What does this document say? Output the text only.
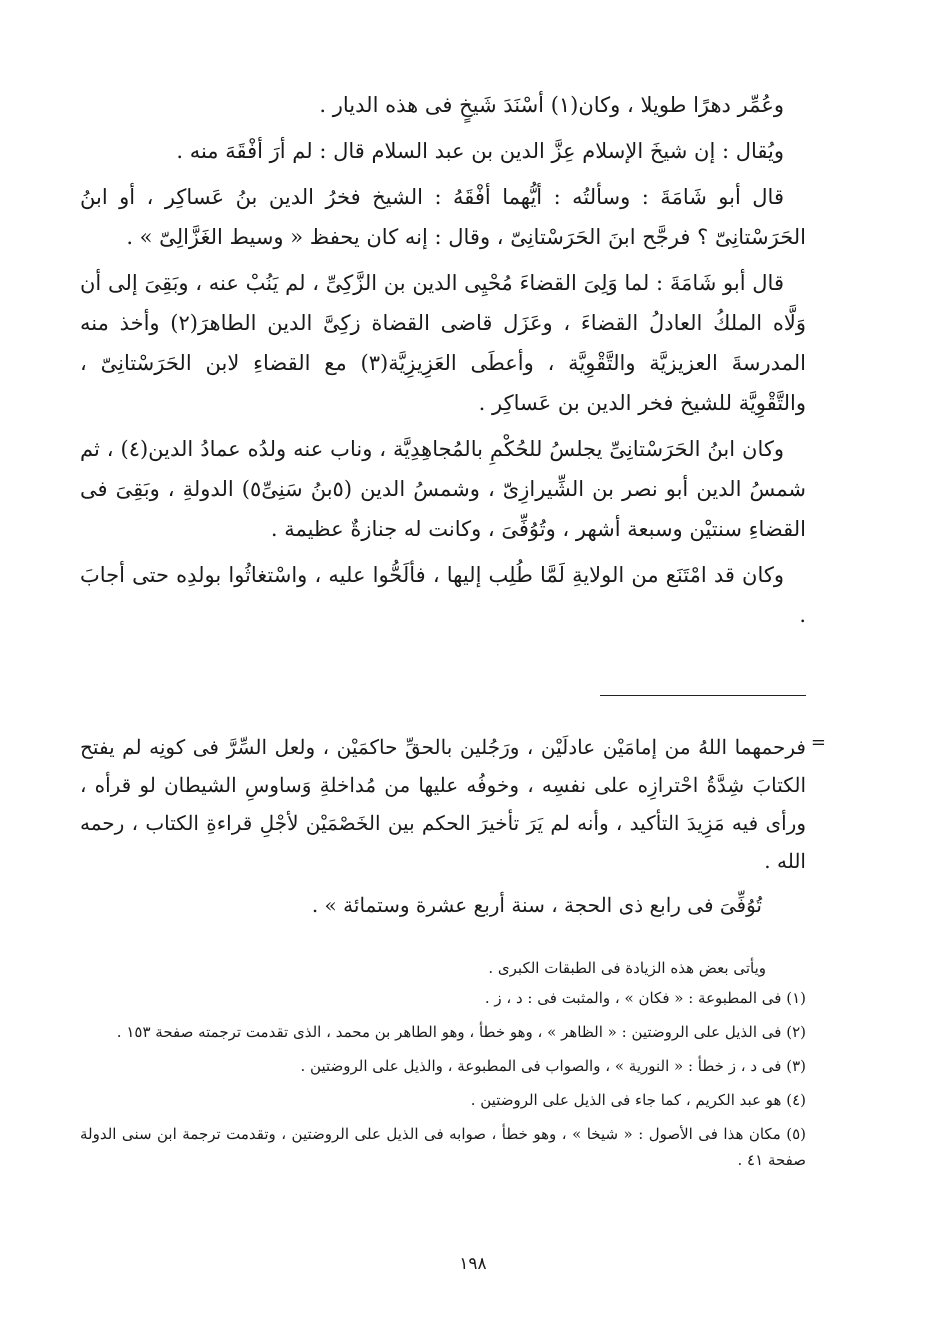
وعُمِّر دهرًا طويلا ، وكان(١) أسْنَدَ شَيخٍ فى هذه الديار .

ويُقال : إن شيخَ الإسلام عِزَّ الدين بن عبد السلام قال : لم أرَ أفْقَهَ منه .

قال أبو شَامَةَ : وسألتُه : أيُّهما أفْقَهُ : الشيخ فخرُ الدين بنُ عَساكِر ، أو ابنُ الحَرَسْتانِىّ ؟ فرجَّح ابنَ الحَرَسْتانِىّ ، وقال : إنه كان يحفظ « وسيط الغَزَّالِىّ » .

قال أبو شَامَةَ : لما وَلِىَ القضاءَ مُحْيِى الدين بن الزَّكِىِّ ، لم يَنُبْ عنه ، وبَقِىَ إلى أن وَلَّاه الملكُ العادلُ القضاءَ ، وعَزَل قاضى القضاة زكِىَّ الدين الطاهرَ(٢) وأخذ منه المدرسةَ العزيزيَّة والتَّقْوِيَّة ، وأعطَى العَزِيزِيَّة(٣) مع القضاءِ لابن الحَرَسْتانِىّ ، والتَّقْوِيَّة للشيخ فخر الدين بن عَساكِر .

وكان ابنُ الحَرَسْتانِىِّ يجلسُ للحُكْمِ بالمُجاهِدِيَّة ، وناب عنه ولدُه عمادُ الدين(٤) ، ثم شمسُ الدين أبو نصر بن الشِّيرازِىّ ، وشمسُ الدين (٥بنُ سَنِىِّ٥) الدولةِ ، وبَقِىَ فى القضاءِ سنتيْن وسبعة أشهر ، وتُوُفِّىَ ، وكانت له جنازةٌ عظيمة .

وكان قد امْتَنَع من الولايةِ لَمَّا طُلِب إليها ، فألَحُّوا عليه ، واسْتغاثُوا بولدِه حتى أجابَ .

=

فرحمهما اللهُ من إمامَيْن عادلَيْن ، ورَجُلين بالحقِّ حاكمَيْن ، ولعل السِّرَّ فى كونِه لم يفتح الكتابَ شِدَّةُ احْترازِه على نفسِه ، وخوفُه عليها من مُداخلةِ وَساوسِ الشيطان لو قرأه ، ورأى فيه مَزِيدَ التأكيد ، وأنه لم يَرَ تأخيرَ الحكم بين الخَصْمَيْن لأجْلِ قراءةِ الكتاب ، رحمه الله .

تُوُفِّىَ فى رابع ذى الحجة ، سنة أربع عشرة وستمائة » .

ويأتى بعض هذه الزيادة فى الطبقات الكبرى .

(١) فى المطبوعة : « فكان » ، والمثبت فى : د ، ز .

(٢) فى الذيل على الروضتين : « الظاهر » ، وهو خطأ ، وهو الطاهر بن محمد ، الذى تقدمت ترجمته صفحة ١٥٣ .

(٣) فى د ، ز خطأ : « النورية » ، والصواب فى المطبوعة ، والذيل على الروضتين .

(٤) هو عبد الكريم ، كما جاء فى الذيل على الروضتين .

(٥) مكان هذا فى الأصول : « شيخا » ، وهو خطأ ، صوابه فى الذيل على الروضتين ، وتقدمت ترجمة ابن سنى الدولة صفحة ٤١ .

١٩٨
